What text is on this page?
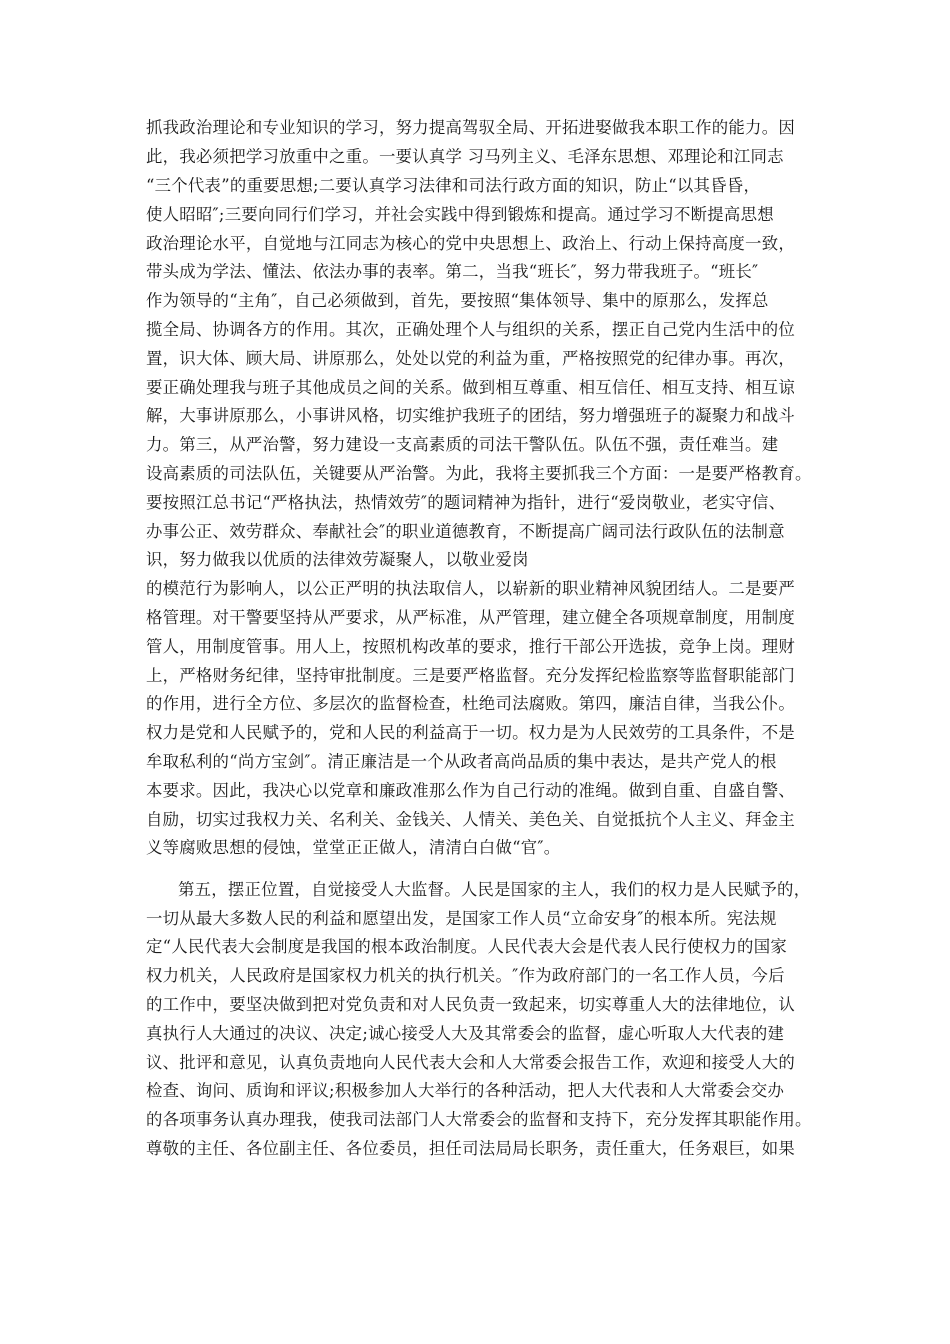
抓我政治理论和专业知识的学习，努力提高驾驭全局、开拓进娶做我本职工作的能力。因
此，我必须把学习放重中之重。一要认真学 习马列主义、毛泽东思想、邓理论和江同志
“三个代表”的重要思想;二要认真学习法律和司法行政方面的知识，防止“以其昏昏，
使人昭昭″;三要向同行们学习，并社会实践中得到锻炼和提高。通过学习不断提高思想
政治理论水平，自觉地与江同志为核心的党中央思想上、政治上、行动上保持高度一致，
带头成为学法、懂法、依法办事的表率。第二，当我“班长″，努力带我班子。“班长″
作为领导的“主角″，自己必须做到，首先，要按照“集体领导、集中的原那么，发挥总
揽全局、协调各方的作用。其次，正确处理个人与组织的关系，摆正自己党内生活中的位
置，识大体、顾大局、讲原那么，处处以党的利益为重，严格按照党的纪律办事。再次，
要正确处理我与班子其他成员之间的关系。做到相互尊重、相互信任、相互支持、相互谅
解，大事讲原那么，小事讲风格，切实维护我班子的团结，努力增强班子的凝聚力和战斗
力。第三，从严治警，努力建设一支高素质的司法干警队伍。队伍不强，责任难当。建
设高素质的司法队伍，关键要从严治警。为此，我将主要抓我三个方面：一是要严格教育。
要按照江总书记“严格执法，热情效劳″的题词精神为指针，进行“爱岗敬业，老实守信、
办事公正、效劳群众、奉献社会″的职业道德教育，不断提高广阔司法行政队伍的法制意
识，努力做我以优质的法律效劳凝聚人，以敬业爱岗
的模范行为影响人，以公正严明的执法取信人，以崭新的职业精神风貌团结人。二是要严
格管理。对干警要坚持从严要求，从严标准，从严管理，建立健全各项规章制度，用制度
管人，用制度管事。用人上，按照机构改革的要求，推行干部公开选拔，竞争上岗。理财
上，严格财务纪律，坚持审批制度。三是要严格监督。充分发挥纪检监察等监督职能部门
的作用，进行全方位、多层次的监督检查，杜绝司法腐败。第四，廉洁自律，当我公仆。
权力是党和人民赋予的，党和人民的利益高于一切。权力是为人民效劳的工具条件，不是
牟取私利的“尚方宝剑″。清正廉洁是一个从政者高尚品质的集中表达，是共产党人的根
本要求。因此，我决心以党章和廉政准那么作为自己行动的准绳。做到自重、自盛自警、
自励，切实过我权力关、名利关、金钱关、人情关、美色关、自觉抵抗个人主义、拜金主
义等腐败思想的侵蚀，堂堂正正做人，清清白白做“官″。
第五，摆正位置，自觉接受人大监督。人民是国家的主人，我们的权力是人民赋予的，
一切从最大多数人民的利益和愿望出发，是国家工作人员“立命安身″的根本所。宪法规
定“人民代表大会制度是我国的根本政治制度。人民代表大会是代表人民行使权力的国家
权力机关，人民政府是国家权力机关的执行机关。″作为政府部门的一名工作人员，今后
的工作中，要坚决做到把对党负责和对人民负责一致起来，切实尊重人大的法律地位，认
真执行人大通过的决议、决定;诚心接受人大及其常委会的监督，虚心听取人大代表的建
议、批评和意见，认真负责地向人民代表大会和人大常委会报告工作，欢迎和接受人大的
检查、询问、质询和评议;积极参加人大举行的各种活动，把人大代表和人大常委会交办
的各项事务认真办理我，使我司法部门人大常委会的监督和支持下，充分发挥其职能作用。
尊敬的主任、各位副主任、各位委员，担任司法局局长职务，责任重大，任务艰巨，如果
